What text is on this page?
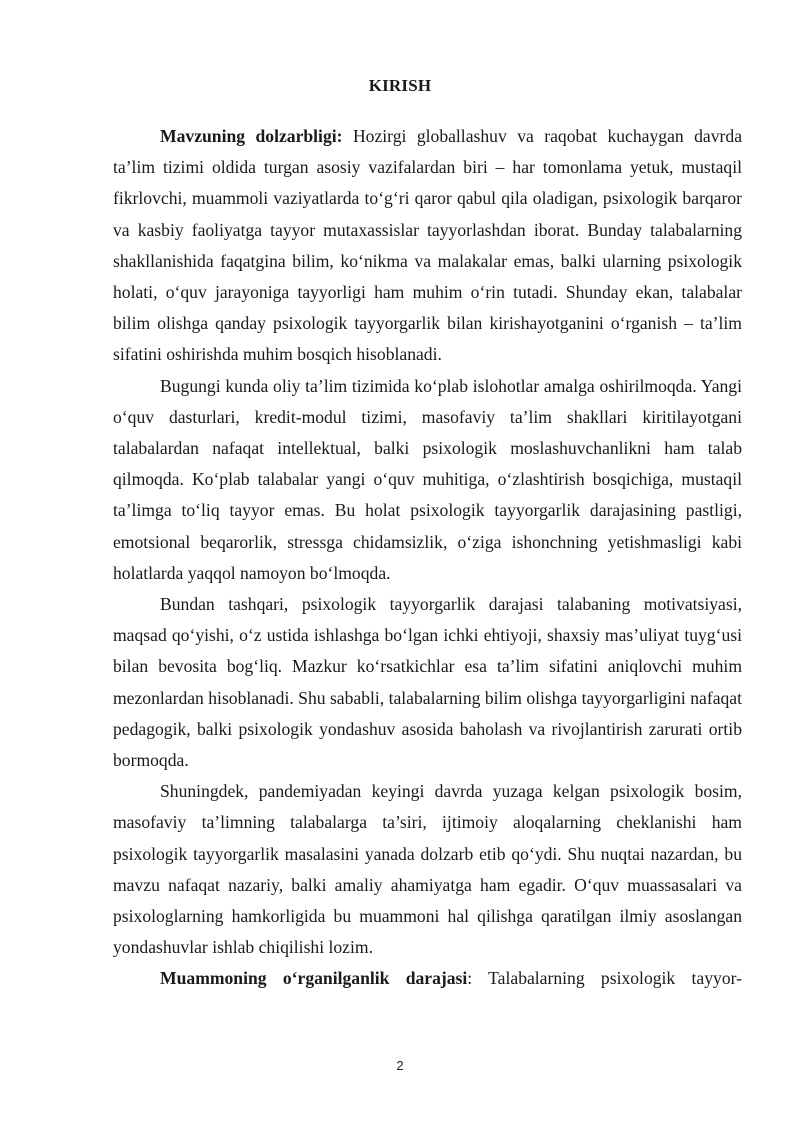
KIRISH

Mavzuning dolzarbligi: Hozirgi globallashuv va raqobat kuchaygan davrda ta’lim tizimi oldida turgan asosiy vazifalardan biri – har tomonlama yetuk, mustaqil fikrlovchi, muammoli vaziyatlarda to‘g‘ri qaror qabul qila oladigan, psixologik barqaror va kasbiy faoliyatga tayyor mutaxassislar tayyorlashdan iborat. Bunday talabalarning shakllanishida faqatgina bilim, ko‘nikma va malakalar emas, balki ularning psixologik holati, o‘quv jarayoniga tayyorligi ham muhim o‘rin tutadi. Shunday ekan, talabalar bilim olishga qanday psixologik tayyorgarlik bilan kirishayotganini o‘rganish – ta’lim sifatini oshirishda muhim bosqich hisoblanadi.

Bugungi kunda oliy ta’lim tizimida ko‘plab islohotlar amalga oshirilmoqda. Yangi o‘quv dasturlari, kredit-modul tizimi, masofaviy ta’lim shakllari kiritilayotgani talabalardan nafaqat intellektual, balki psixologik moslashuvchanlikni ham talab qilmoqda. Ko‘plab talabalar yangi o‘quv muhitiga, o‘zlashtirish bosqichiga, mustaqil ta’limga to‘liq tayyor emas. Bu holat psixologik tayyorgarlik darajasining pastligi, emotsional beqarorlik, stressga chidamsizlik, o‘ziga ishonchning yetishmasligi kabi holatlarda yaqqol namoyon bo‘lmoqda.

Bundan tashqari, psixologik tayyorgarlik darajasi talabaning motivatsiyasi, maqsad qo‘yishi, o‘z ustida ishlashga bo‘lgan ichki ehtiyoji, shaxsiy mas’uliyat tuyg‘usi bilan bevosita bog‘liq. Mazkur ko‘rsatkichlar esa ta’lim sifatini aniqlovchi muhim mezonlardan hisoblanadi. Shu sababli, talabalarning bilim olishga tayyorgarligini nafaqat pedagogik, balki psixologik yondashuv asosida baholash va rivojlantirish zarurati ortib bormoqda.

Shuningdek, pandemiyadan keyingi davrda yuzaga kelgan psixologik bosim, masofaviy ta’limning talabalarga ta’siri, ijtimoiy aloqalarning cheklanishi ham psixologik tayyorgarlik masalasini yanada dolzarb etib qo‘ydi. Shu nuqtai nazardan, bu mavzu nafaqat nazariy, balki amaliy ahamiyatga ham egadir. O‘quv muassasalari va psixologlarning hamkorligida bu muammoni hal qilishga qaratilgan ilmiy asoslangan yondashuvlar ishlab chiqilishi lozim.

Muammoning o‘rganilganlik darajasi: Talabalarning psixologik tayyor-

2
